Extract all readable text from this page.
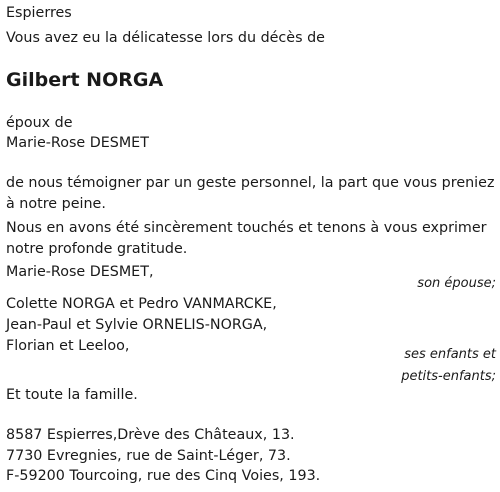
Espierres
Vous avez eu la délicatesse lors du décès de
Gilbert NORGA
époux de
Marie-Rose DESMET
de nous témoigner par un geste personnel, la part que vous preniez à notre peine.
Nous en avons été sincèrement touchés et tenons à vous exprimer notre profonde gratitude.
Marie-Rose DESMET,
son épouse;
Colette NORGA et Pedro VANMARCKE,
Jean-Paul et Sylvie ORNELIS-NORGA,
Florian et Leeloo,
ses enfants et
petits-enfants;
Et toute la famille.
8587 Espierres,Drève des Châteaux, 13.
7730 Evregnies, rue de Saint-Léger, 73.
F-59200 Tourcoing, rue des Cinq Voies, 193.
